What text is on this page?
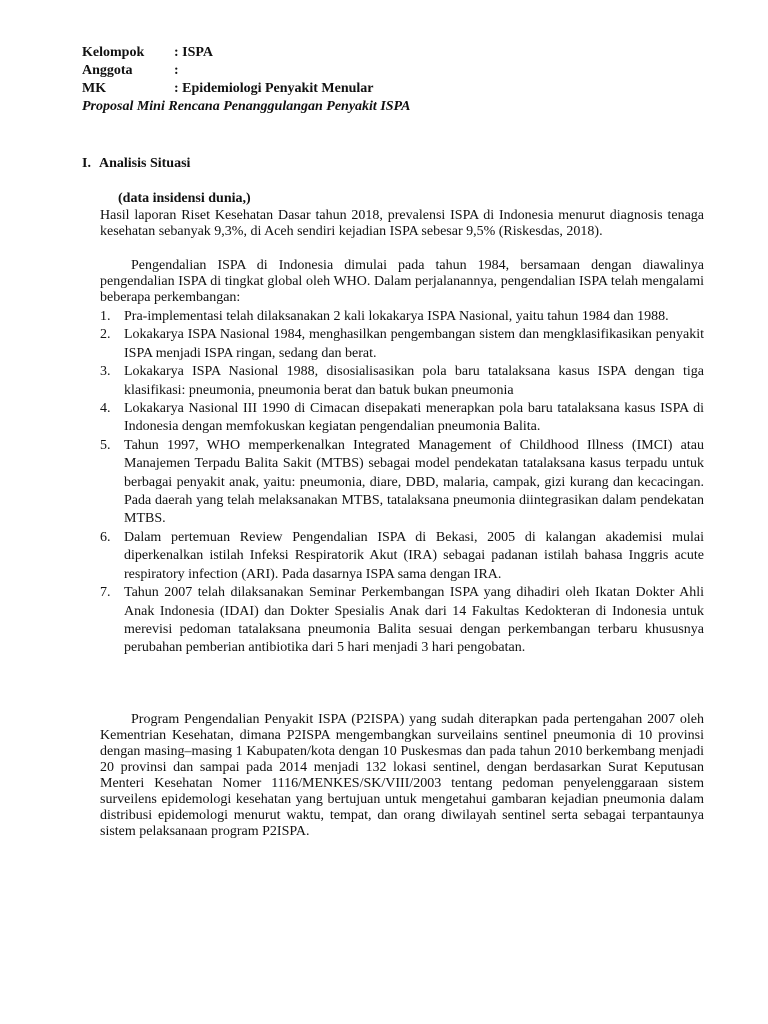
Kelompok : ISPA
Anggota	:
MK	: Epidemiologi Penyakit Menular
Proposal Mini Rencana Penanggulangan Penyakit ISPA
I. Analisis Situasi
(data insidensi dunia,)

Hasil laporan Riset Kesehatan Dasar tahun 2018, prevalensi ISPA di Indonesia menurut diagnosis tenaga kesehatan sebanyak 9,3%, di Aceh sendiri kejadian ISPA sebesar 9,5% (Riskesdas, 2018).

Pengendalian ISPA di Indonesia dimulai pada tahun 1984, bersamaan dengan diawalinya pengendalian ISPA di tingkat global oleh WHO. Dalam perjalanannya, pengendalian ISPA telah mengalami beberapa perkembangan:

1. Pra-implementasi telah dilaksanakan 2 kali lokakarya ISPA Nasional, yaitu tahun 1984 dan 1988.
2. Lokakarya ISPA Nasional 1984, menghasilkan pengembangan sistem dan mengklasifikasikan penyakit ISPA menjadi ISPA ringan, sedang dan berat.
3. Lokakarya ISPA Nasional 1988, disosialisasikan pola baru tatalaksana kasus ISPA dengan tiga klasifikasi: pneumonia, pneumonia berat dan batuk bukan pneumonia
4. Lokakarya Nasional III 1990 di Cimacan disepakati menerapkan pola baru tatalaksana kasus ISPA di Indonesia dengan memfokuskan kegiatan pengendalian pneumonia Balita.
5. Tahun 1997, WHO memperkenalkan Integrated Management of Childhood Illness (IMCI) atau Manajemen Terpadu Balita Sakit (MTBS) sebagai model pendekatan tatalaksana kasus terpadu untuk berbagai penyakit anak, yaitu: pneumonia, diare, DBD, malaria, campak, gizi kurang dan kecacingan. Pada daerah yang telah melaksanakan MTBS, tatalaksana pneumonia diintegrasikan dalam pendekatan MTBS.
6. Dalam pertemuan Review Pengendalian ISPA di Bekasi, 2005 di kalangan akademisi mulai diperkenalkan istilah Infeksi Respiratorik Akut (IRA) sebagai padanan istilah bahasa Inggris acute respiratory infection (ARI). Pada dasarnya ISPA sama dengan IRA.
7. Tahun 2007 telah dilaksanakan Seminar Perkembangan ISPA yang dihadiri oleh Ikatan Dokter Ahli Anak Indonesia (IDAI) dan Dokter Spesialis Anak dari 14 Fakultas Kedokteran di Indonesia untuk merevisi pedoman tatalaksana pneumonia Balita sesuai dengan perkembangan terbaru khususnya perubahan pemberian antibiotika dari 5 hari menjadi 3 hari pengobatan.

Program Pengendalian Penyakit ISPA (P2ISPA) yang sudah diterapkan pada pertengahan 2007 oleh Kementrian Kesehatan, dimana P2ISPA mengembangkan surveilains sentinel pneumonia di 10 provinsi dengan masing–masing 1 Kabupaten/kota dengan 10 Puskesmas dan pada tahun 2010 berkembang menjadi 20 provinsi dan sampai pada 2014 menjadi 132 lokasi sentinel, dengan berdasarkan Surat Keputusan Menteri Kesehatan Nomer 1116/MENKES/SK/VIII/2003 tentang pedoman penyelenggaraan sistem surveilens epidemologi kesehatan yang bertujuan untuk mengetahui gambaran kejadian pneumonia dalam distribusi epidemologi menurut waktu, tempat, dan orang diwilayah sentinel serta sebagai terpantaunya sistem pelaksanaan program P2ISPA.
